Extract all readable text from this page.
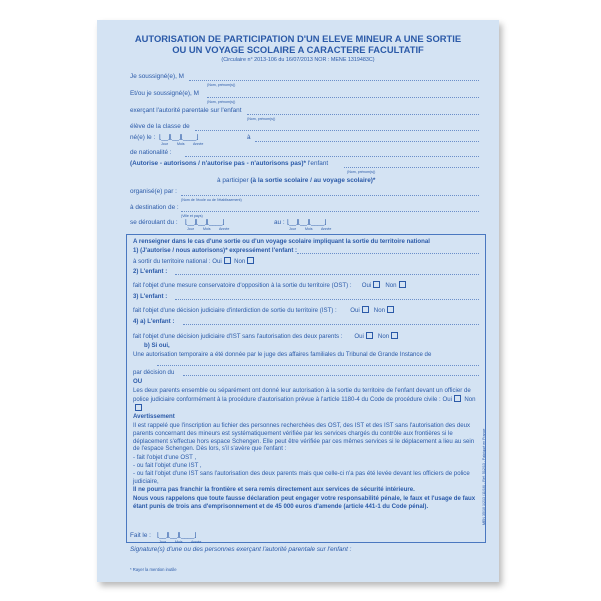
AUTORISATION DE PARTICIPATION D'UN ELEVE MINEUR A UNE SORTIE
OU UN VOYAGE SCOLAIRE A CARACTERE FACULTATIF
(Circulaire n° 2013-106 du 16/07/2013 NOR : MENE 1319483C)
Je soussigné(e), M
(Nom, prénom(s))
Et/ou je soussigné(e), M
(Nom, prénom(s))
exerçant l'autorité parentale sur l'enfant
(Nom, prénom(s))
élève de la classe de
né(e) le : ⌊__⌋⌊__⌋⌊____⌋
Jour	Mois Année
à
de nationalité :
(Autorise - autorisons / n'autorise pas - n'autorisons pas)* l'enfant
(Nom, prénom(s))
à participer (à la sortie scolaire / au voyage scolaire)*
organisé(e) par :
(Nom de l'école ou de l'établissement)
à destination de :
(Ville et pays)
se déroulant du : ⌊__⌋⌊__⌋⌊____⌋
Jour	Mois Année
au : ⌊__⌋⌊__⌋⌊____⌋
Jour	Mois Année
A renseigner dans le cas d'une sortie ou d'un voyage scolaire impliquant la sortie du territoire national
1) (J'autorise / nous autorisons)* expressément l'enfant :
à sortir du territoire national : Oui Non
2) L'enfant :
fait l'objet d'une mesure conservatoire d'opposition à la sortie du territoire (OST) : Oui Non
3) L'enfant :
fait l'objet d'une décision judiciaire d'interdiction de sortie du territoire (IST) : Oui Non
4) a) L'enfant :
fait l'objet d'une décision judiciaire d'IST sans l'autorisation des deux parents : Oui Non
b) Si oui,
Une autorisation temporaire a été donnée par le juge des affaires familiales du Tribunal de Grande Instance de
par décision du
OU
Les deux parents ensemble ou séparément ont donné leur autorisation à la sortie du territoire de l'enfant devant un officier de police judiciaire conformément à la procédure d'autorisation prévue à l'article 1180-4 du Code de procédure civile : Oui Non
Avertissement
Il est rappelé que l'inscription au fichier des personnes recherchées des OST, des IST et des IST sans l'autorisation des deux parents concernant des mineurs est systématiquement vérifiée par les services chargés du contrôle aux frontières si le déplacement s'effectue hors espace Schengen. Elle peut être vérifiée par ces mêmes services si le déplacement a lieu au sein de l'espace Schengen. Dès lors, s'il s'avère que l'enfant :
- fait l'objet d'une OST ,
- ou fait l'objet d'une IST ,
- ou fait l'objet d'une IST sans l'autorisation des deux parents mais que celle-ci n'a pas été levée devant les officiers de police judiciaire,
Il ne pourra pas franchir la frontière et sera remis directement aux services de sécurité intérieure.
Nous vous rappelons que toute fausse déclaration peut engager votre responsabilité pénale, le faux et l'usage de faux étant punis de trois ans d'emprisonnement et de 45 000 euros d'amende (article 441-1 du Code pénal).
Fait le : ⌊__⌋⌊__⌋⌊____⌋
Jour	Mois Année
Signature(s) d'une ou des personnes exerçant l'autorité parentale sur l'enfant :
* Rayer la mention inutile
MEN 35/10 1/213 (11/16) - Réf. 512/13 - Fabriqué en France
